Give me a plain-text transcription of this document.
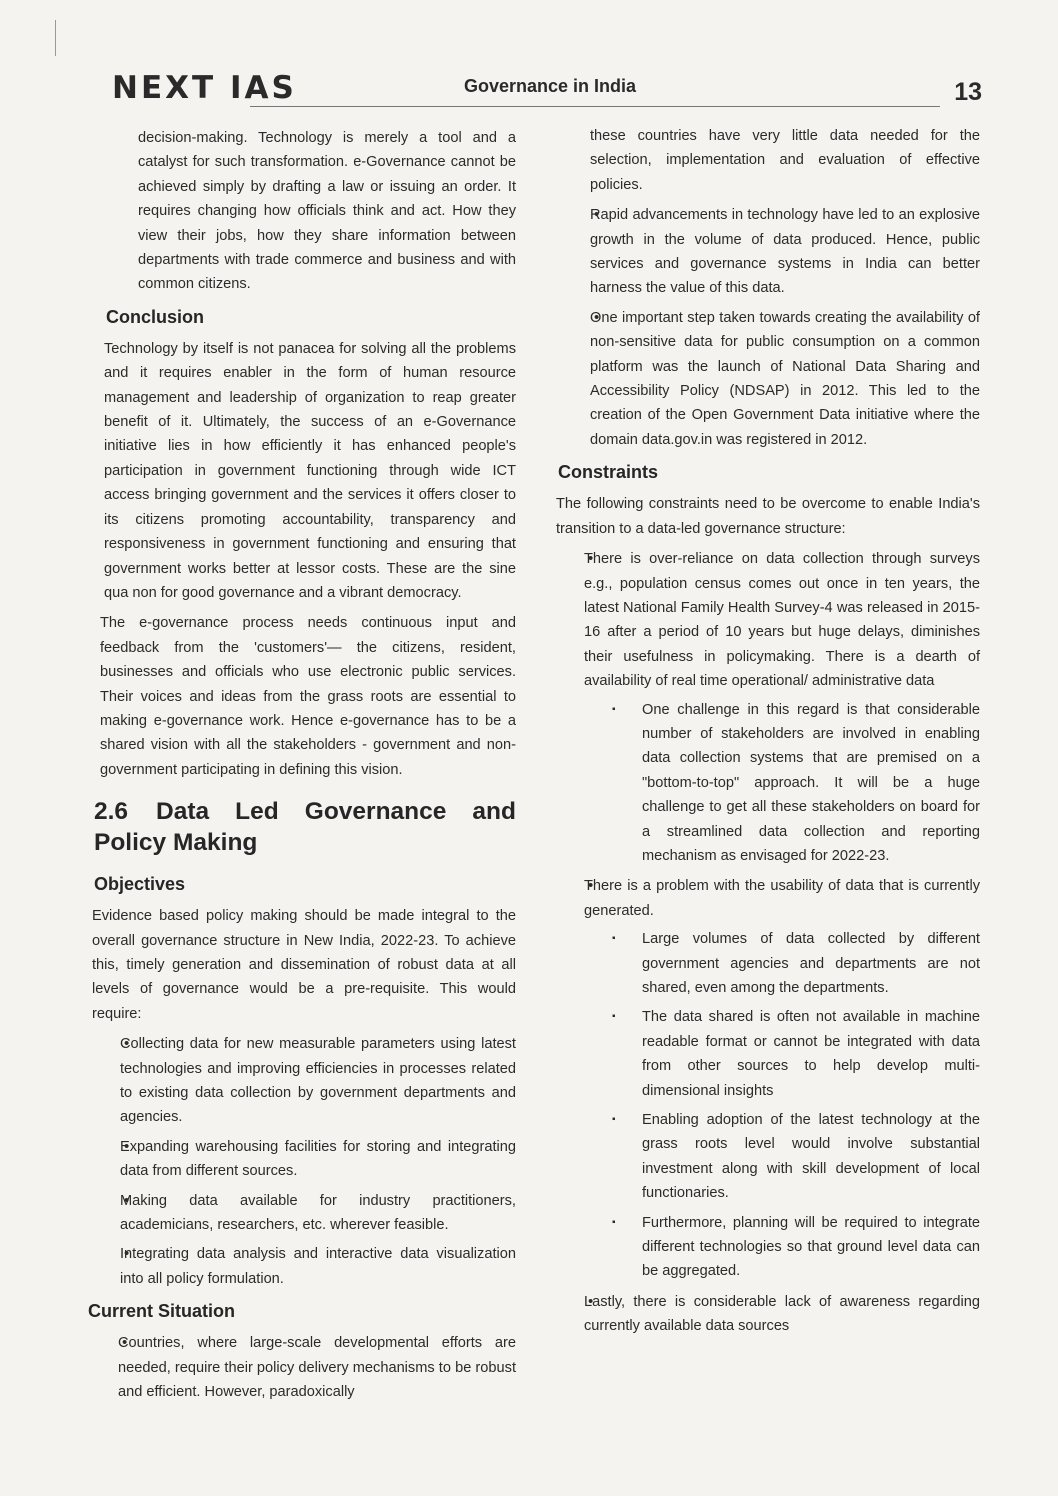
NEXT IAS	Governance in India	13

decision-making. Technology is merely a tool and a catalyst for such transformation. e-Governance cannot be achieved simply by drafting a law or issuing an order. It requires changing how officials think and act. How they view their jobs, how they share information between departments with trade commerce and business and with common citizens.

Conclusion

Technology by itself is not panacea for solving all the problems and it requires enabler in the form of human resource management and leadership of organization to reap greater benefit of it. Ultimately, the success of an e-Governance initiative lies in how efficiently it has enhanced people's participation in government functioning through wide ICT access bringing government and the services it offers closer to its citizens promoting accountability, transparency and responsiveness in government functioning and ensuring that government works better at lessor costs. These are the sine qua non for good governance and a vibrant democracy.

The e-governance process needs continuous input and feedback from the 'customers'— the citizens, resident, businesses and officials who use electronic public services. Their voices and ideas from the grass roots are essential to making e-governance work. Hence e-governance has to be a shared vision with all the stakeholders - government and non-government participating in defining this vision.

2.6 Data Led Governance and Policy Making
Objectives

Evidence based policy making should be made integral to the overall governance structure in New India, 2022-23. To achieve this, timely generation and dissemination of robust data at all levels of governance would be a pre-requisite. This would require:

• Collecting data for new measurable parameters using latest technologies and improving efficiencies in processes related to existing data collection by government departments and agencies.
• Expanding warehousing facilities for storing and integrating data from different sources.
• Making data available for industry practitioners, academicians, researchers, etc. wherever feasible.
• Integrating data analysis and interactive data visualization into all policy formulation.
Current Situation
• Countries, where large-scale developmental efforts are needed, require their policy delivery mechanisms to be robust and efficient. However, paradoxically

these countries have very little data needed for the selection, implementation and evaluation of effective policies.

• Rapid advancements in technology have led to an explosive growth in the volume of data produced. Hence, public services and governance systems in India can better harness the value of this data.
• One important step taken towards creating the availability of non-sensitive data for public consumption on a common platform was the launch of National Data Sharing and Accessibility Policy (NDSAP) in 2012. This led to the creation of the Open Government Data initiative where the domain data.gov.in was registered in 2012.
Constraints

The following constraints need to be overcome to enable India's transition to a data-led governance structure:

• There is over-reliance on data collection through surveys e.g., population census comes out once in ten years, the latest National Family Health Survey-4 was released in 2015-16 after a period of 10 years but huge delays, diminishes their usefulness in policymaking. There is a dearth of availability of real time operational/ administrative data
▪ One challenge in this regard is that considerable number of stakeholders are involved in enabling data collection systems that are premised on a "bottom-to-top" approach. It will be a huge challenge to get all these stakeholders on board for a streamlined data collection and reporting mechanism as envisaged for 2022-23.
• There is a problem with the usability of data that is currently generated.
▪ Large volumes of data collected by different government agencies and departments are not shared, even among the departments.
▪ The data shared is often not available in machine readable format or cannot be integrated with data from other sources to help develop multi-dimensional insights
▪ Enabling adoption of the latest technology at the grass roots level would involve substantial investment along with skill development of local functionaries.
▪ Furthermore, planning will be required to integrate different technologies so that ground level data can be aggregated.
• Lastly, there is considerable lack of awareness regarding currently available data sources
